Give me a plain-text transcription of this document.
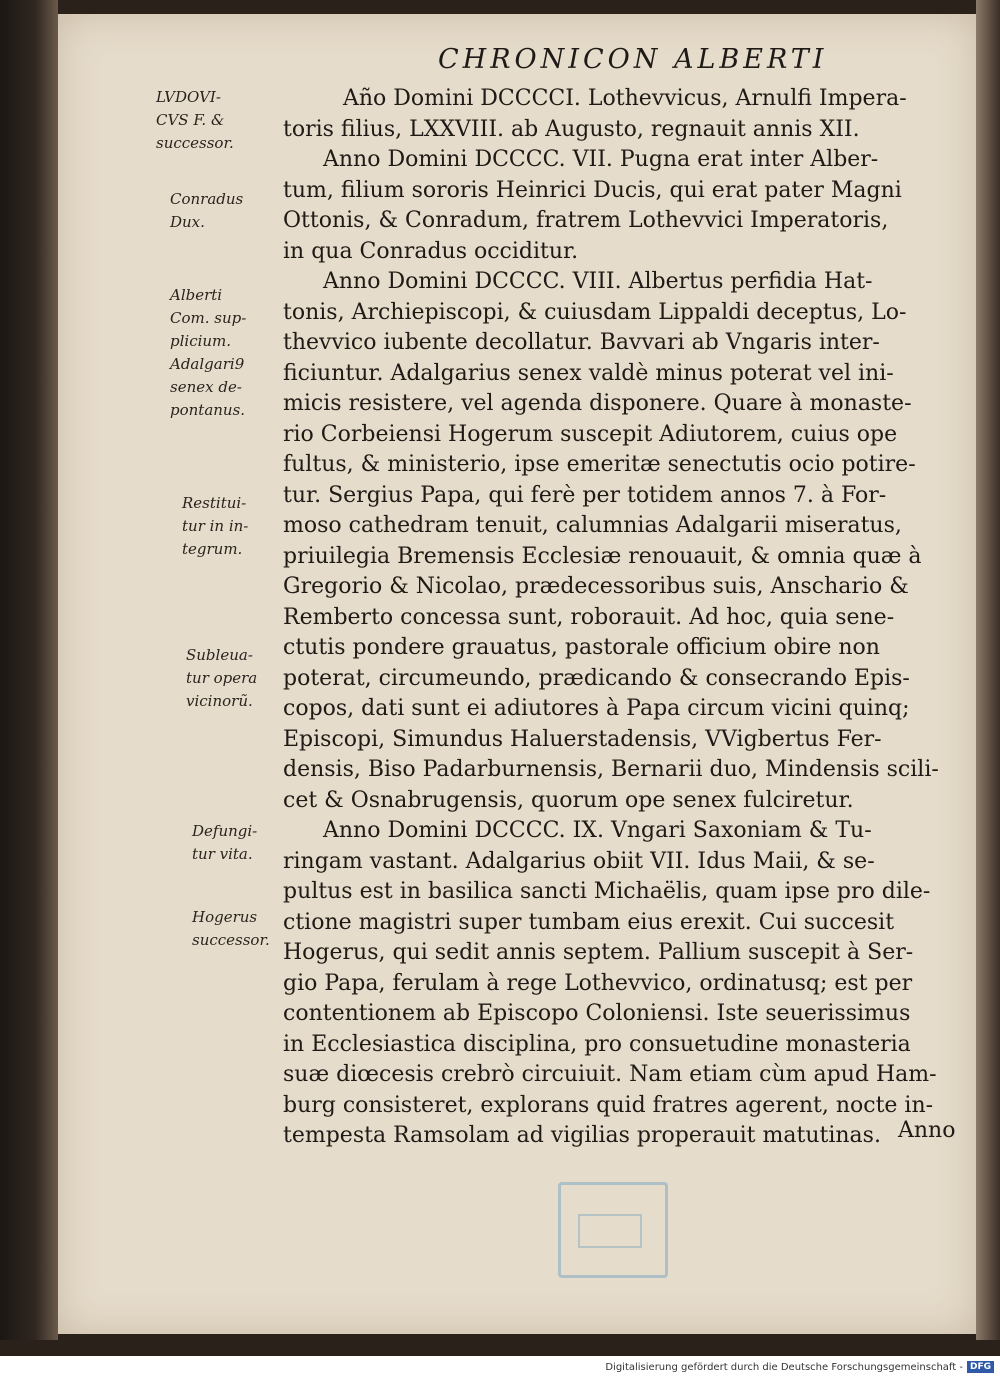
CHRONICON ALBERTI
LVDOVI-
CVS F. &
successor.
Conradus
Dux.
Alberti
Com. sup-
plicium.
Adalgari9
senex de-
pontanus.
Restitui-
tur in in-
tegrum.
Subleua-
tur opera
vicinorũ.
Defungi-
tur vita.
Hogerus
successor.
Año Domini DCCCCI. Lothevvicus, Arnulfi Impera-
toris filius, LXXVIII. ab Augusto, regnauit annis XII.
Anno Domini DCCCC. VII. Pugna erat inter Alber-
tum, filium sororis Heinrici Ducis, qui erat pater Magni
Ottonis, & Conradum, fratrem Lothevvici Imperatoris,
in qua Conradus occiditur.
Anno Domini DCCCC. VIII. Albertus perfidia Hat-
tonis, Archiepiscopi, & cuiusdam Lippaldi deceptus, Lo-
thevvico iubente decollatur. Bavvari ab Vngaris inter-
ficiuntur. Adalgarius senex valdè minus poterat vel ini-
micis resistere, vel agenda disponere. Quare à monaste-
rio Corbeiensi Hogerum suscepit Adiutorem, cuius ope
fultus, & ministerio, ipse emeritæ senectutis ocio potire-
tur. Sergius Papa, qui ferè per totidem annos 7. à For-
moso cathedram tenuit, calumnias Adalgarii miseratus,
priuilegia Bremensis Ecclesiæ renouauit, & omnia quæ à
Gregorio & Nicolao, prædecessoribus suis, Anschario &
Remberto concessa sunt, roborauit. Ad hoc, quia sene-
ctutis pondere grauatus, pastorale officium obire non
poterat, circumeundo, prædicando & consecrando Epis-
copos, dati sunt ei adiutores à Papa circum vicini quinq;
Episcopi, Simundus Haluerstadensis, VVigbertus Fer-
densis, Biso Padarburnensis, Bernarii duo, Mindensis scili-
cet & Osnabrugensis, quorum ope senex fulciretur.
Anno Domini DCCCC. IX. Vngari Saxoniam & Tu-
ringam vastant. Adalgarius obiit VII. Idus Maii, & se-
pultus est in basilica sancti Michaëlis, quam ipse pro dile-
ctione magistri super tumbam eius erexit. Cui succesit
Hogerus, qui sedit annis septem. Pallium suscepit à Ser-
gio Papa, ferulam à rege Lothevvico, ordinatusq; est per
contentionem ab Episcopo Coloniensi. Iste seuerissimus
in Ecclesiastica disciplina, pro consuetudine monasteria
suæ diœcesis crebrò circuiuit. Nam etiam cùm apud Ham-
burg consisteret, explorans quid fratres agerent, nocte in-
tempesta Ramsolam ad vigilias properauit matutinas. Anno
Digitalisierung gefördert durch die Deutsche Forschungsgemeinschaft - DFG
